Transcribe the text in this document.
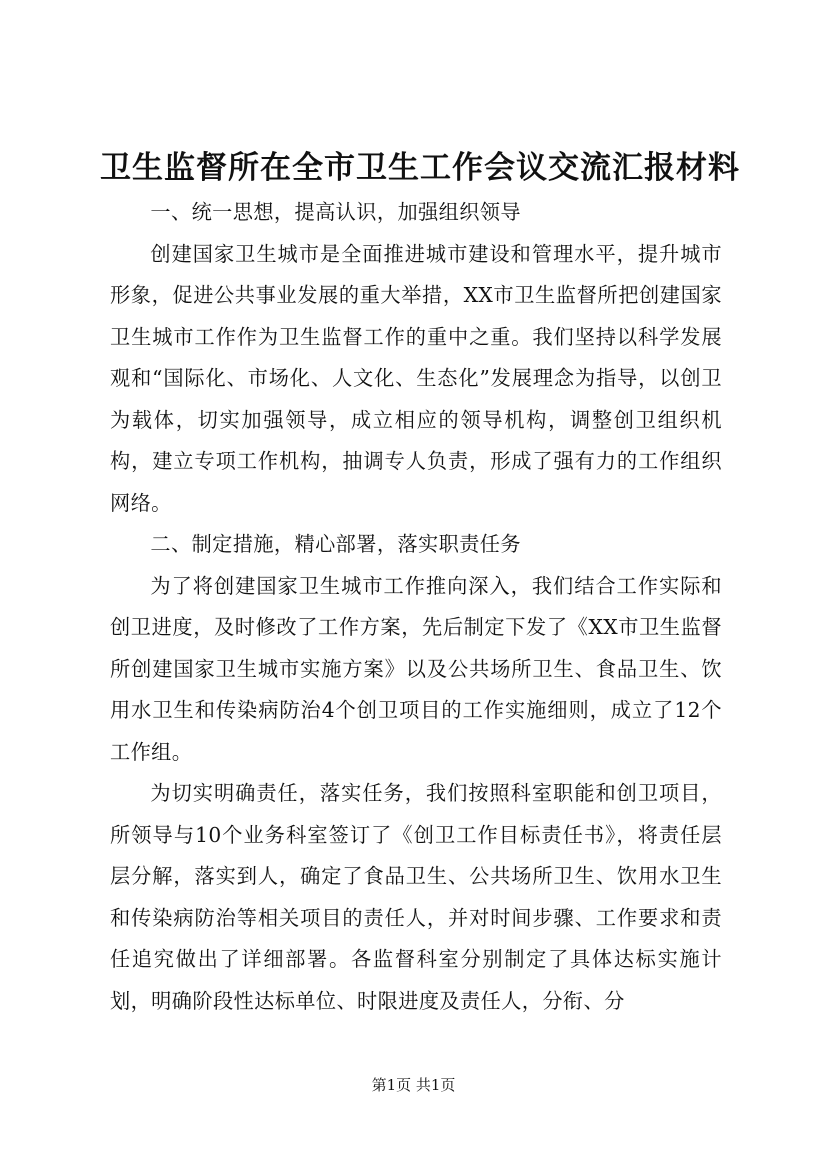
卫生监督所在全市卫生工作会议交流汇报材料

一、统一思想，提高认识，加强组织领导

创建国家卫生城市是全面推进城市建设和管理水平，提升城市形象，促进公共事业发展的重大举措，XX市卫生监督所把创建国家卫生城市工作作为卫生监督工作的重中之重。我们坚持以科学发展观和“国际化、市场化、人文化、生态化”发展理念为指导，以创卫为载体，切实加强领导，成立相应的领导机构，调整创卫组织机构，建立专项工作机构，抽调专人负责，形成了强有力的工作组织网络。

二、制定措施，精心部署，落实职责任务

为了将创建国家卫生城市工作推向深入，我们结合工作实际和创卫进度，及时修改了工作方案，先后制定下发了《XX市卫生监督所创建国家卫生城市实施方案》以及公共场所卫生、食品卫生、饮用水卫生和传染病防治4个创卫项目的工作实施细则，成立了12个工作组。

为切实明确责任，落实任务，我们按照科室职能和创卫项目，所领导与10个业务科室签订了《创卫工作目标责任书》，将责任层层分解，落实到人，确定了食品卫生、公共场所卫生、饮用水卫生和传染病防治等相关项目的责任人，并对时间步骤、工作要求和责任追究做出了详细部署。各监督科室分别制定了具体达标实施计划，明确阶段性达标单位、时限进度及责任人，分衔、分

第1页 共1页
